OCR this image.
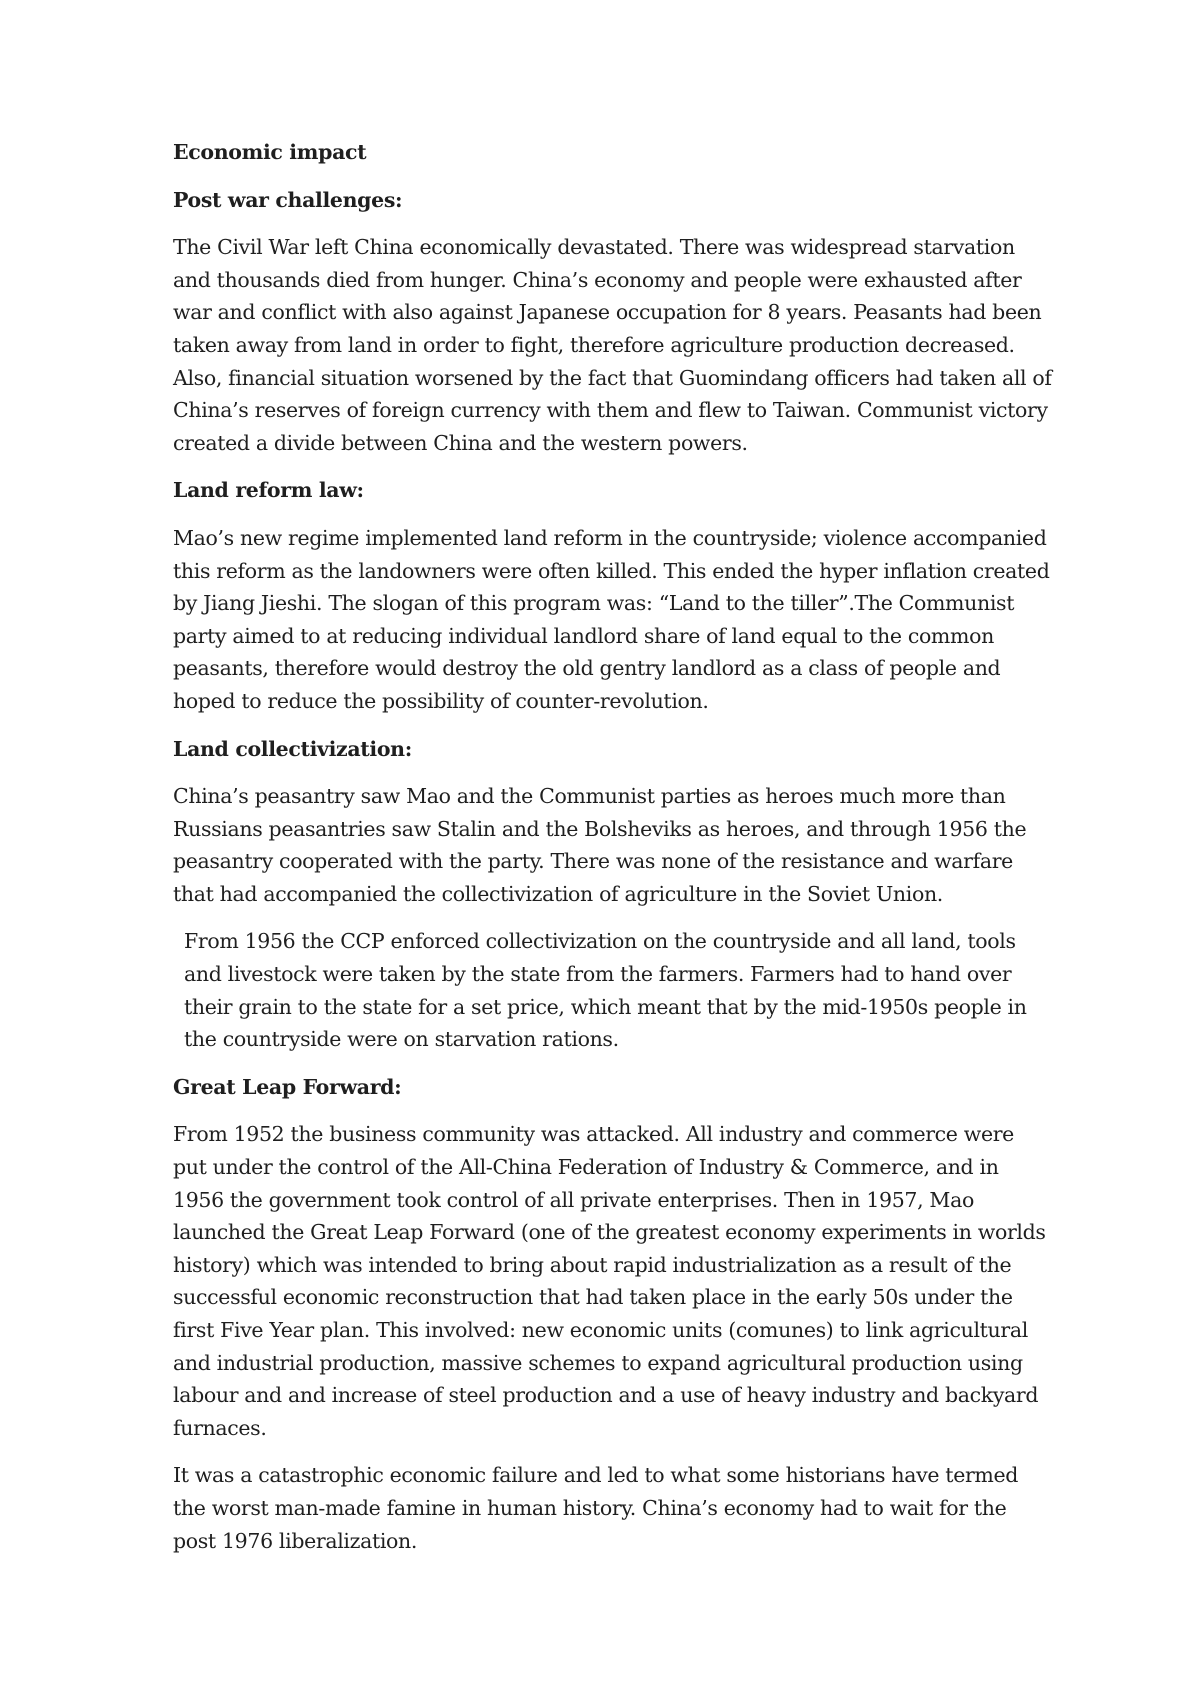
Economic impact

Post war challenges:

The Civil War left China economically devastated. There was widespread starvation and thousands died from hunger. China’s economy and people were exhausted after war and conflict with also against Japanese occupation for 8 years. Peasants had been taken away from land in order to fight, therefore agriculture production decreased. Also, financial situation worsened by the fact that Guomindang officers had taken all of China’s reserves of foreign currency with them and flew to Taiwan. Communist victory created a divide between China and the western powers.

Land reform law:

Mao’s new regime implemented land reform in the countryside; violence accompanied this reform as the landowners were often killed. This ended the hyper inflation created by Jiang Jieshi. The slogan of this program was: “Land to the tiller”.The Communist party aimed to at reducing individual landlord share of land equal to the common peasants, therefore would destroy the old gentry landlord as a class of people and hoped to reduce the possibility of counter-revolution.

Land collectivization:

China’s peasantry saw Mao and the Communist parties as heroes much more than Russians peasantries saw Stalin and the Bolsheviks as heroes, and through 1956 the peasantry cooperated with the party. There was none of the resistance and warfare that had accompanied the collectivization of agriculture in the Soviet Union.

From 1956 the CCP enforced collectivization on the countryside and all land, tools and livestock were taken by the state from the farmers. Farmers had to hand over their grain to the state for a set price, which meant that by the mid-1950s people in the countryside were on starvation rations.

Great Leap Forward:

From 1952 the business community was attacked. All industry and commerce were put under the control of the All-China Federation of Industry & Commerce, and in 1956 the government took control of all private enterprises. Then in 1957, Mao launched the Great Leap Forward (one of the greatest economy experiments in worlds history) which was intended to bring about rapid industrialization as a result of the successful economic reconstruction that had taken place in the early 50s under the first Five Year plan. This involved: new economic units (comunes) to link agricultural and industrial production, massive schemes to expand agricultural production using labour and and increase of steel production and a use of heavy industry and backyard furnaces.

It was a catastrophic economic failure and led to what some historians have termed the worst man-made famine in human history. China’s economy had to wait for the post 1976 liberalization.
